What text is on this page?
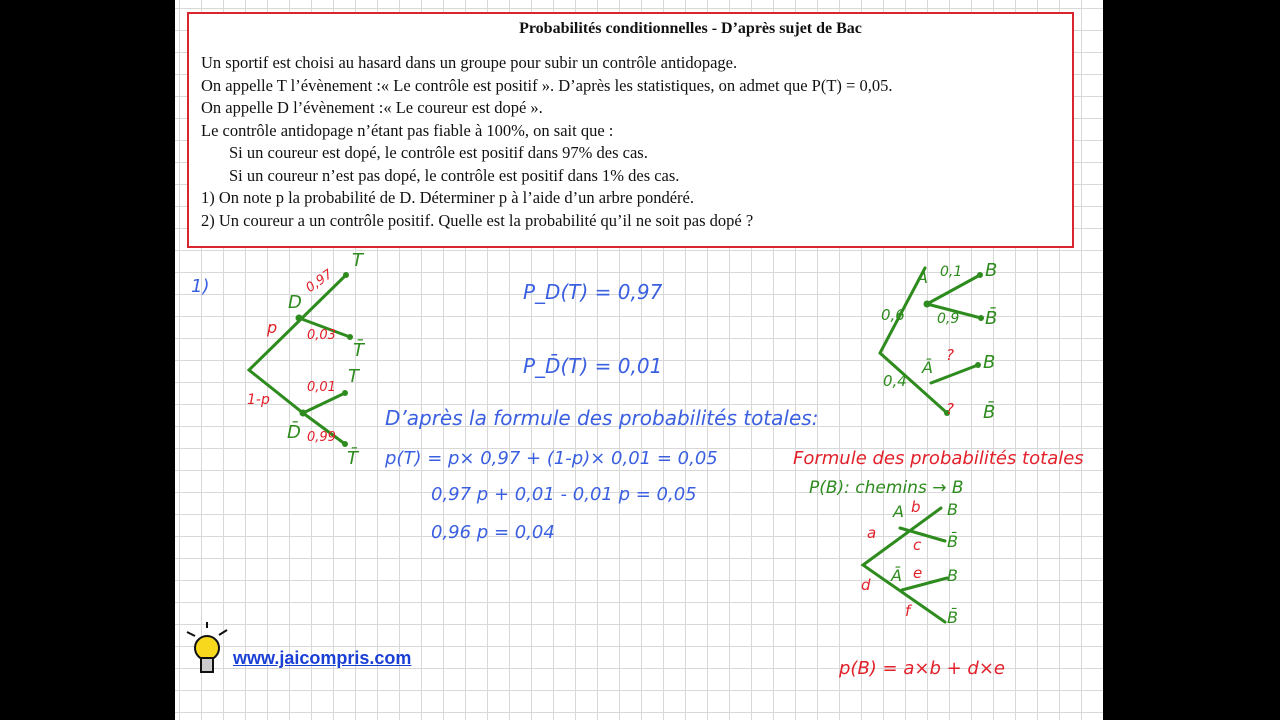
Probabilités conditionnelles - D’après sujet de Bac
Un sportif est choisi au hasard dans un groupe pour subir un contrôle antidopage.
On appelle T l’évènement :« Le contrôle est positif ». D’après les statistiques, on admet que P(T) = 0,05.
On appelle D l’évènement :« Le coureur est dopé ».
Le contrôle antidopage n’étant pas fiable à 100%, on sait que :
Si un coureur est dopé, le contrôle est positif dans 97% des cas.
Si un coureur n’est pas dopé, le contrôle est positif dans 1% des cas.
1) On note p la probabilité de D. Déterminer p à l’aide d’un arbre pondéré.
2) Un coureur a un contrôle positif. Quelle est la probabilité qu’il ne soit pas dopé ?
1)
T
D
T̄
T
D̄
T̄
0,97
0,03
p
1-p
0,01
0,99
P_D(T) = 0,97
P_D̄(T) = 0,01
D’après la formule des probabilités totales:
p(T) = p× 0,97 + (1-p)× 0,01 = 0,05
0,97 p + 0,01 - 0,01 p = 0,05
0,96 p = 0,04
B
B̄
B
B̄
A
Ā
0,6
0,4
0,1
0,9
?
?
Formule des probabilités totales
P(B): chemins → B
A
Ā
B
B̄
B
B̄
a
b
c
d
e
f
p(B) = a×b + d×e
www.jaicompris.com
